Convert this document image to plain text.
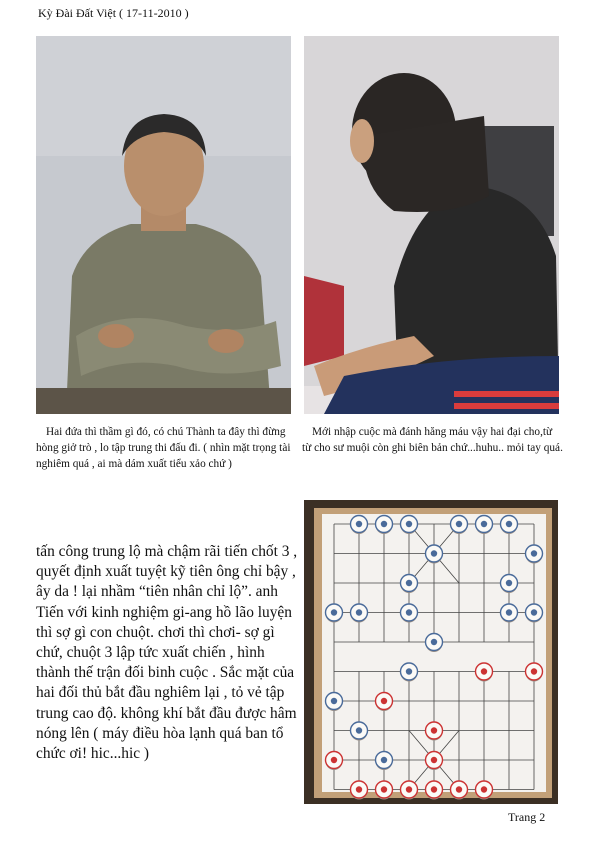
Kỳ Đài Đất Việt ( 17-11-2010 )
Hai đứa thì thầm gì đó, có chú Thành ta đây thì đừng hòng giở trò , lo tập trung thi đấu đi. ( nhìn mặt trọng tài nghiêm quá , ai mà dám xuất tiểu xảo chứ )
Mới nhập cuộc mà đánh hăng máu vậy hai đại cho,từ từ cho sư muội còn ghi biên bản chứ...huhu.. mỏi tay quá.
tấn công trung lộ mà chậm rãi tiến chốt 3 , quyết định xuất tuyệt kỹ tiên ông chỉ bậy , ây da ! lại nhầm “tiên nhân chỉ lộ”. anh Tiến với kinh nghiệm gi-ang hồ lão luyện thì sợ gì con chuột. chơi thì chơi- sợ gì chứ, chuột 3 lập tức xuất chiến , hình thành thế trận đối binh cuộc . Sắc mặt của hai đối thủ bắt đầu nghiêm lại , tỏ vẻ tập trung cao độ. không khí bắt đầu được hâm nóng lên ( máy điều hòa lạnh quá ban tổ chức ơi! hic...hic )
Trang 2
